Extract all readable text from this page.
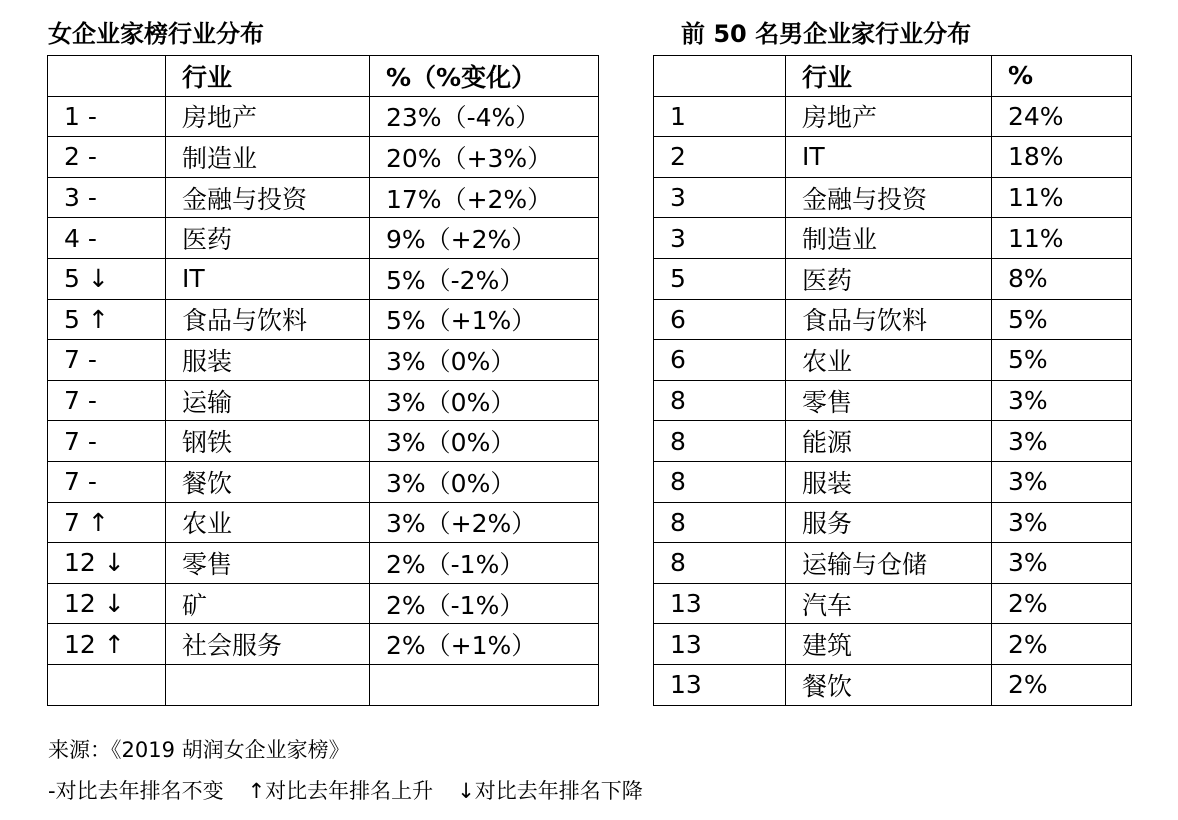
女企业家榜行业分布	前 50 名男企业家行业分布
	行业	%（%变化）
1 -	房地产	23%（-4%）
2 -	制造业	20%（+3%）
3 -	金融与投资	17%（+2%）
4 -	医药	9%（+2%）
5 ↓	IT	5%（-2%）
5 ↑	食品与饮料	5%（+1%）
7 -	服装	3%（0%）
7 -	运输	3%（0%）
7 -	钢铁	3%（0%）
7 -	餐饮	3%（0%）
7 ↑	农业	3%（+2%）
12 ↓	零售	2%（-1%）
12 ↓	矿	2%（-1%）
12 ↑	社会服务	2%（+1%）

	行业	%
1	房地产	24%
2	IT	18%
3	金融与投资	11%
3	制造业	11%
5	医药	8%
6	食品与饮料	5%
6	农业	5%
8	零售	3%
8	能源	3%
8	服装	3%
8	服务	3%
8	运输与仓储	3%
13	汽车	2%
13	建筑	2%
13	餐饮	2%
来源：《2019 胡润女企业家榜》
-对比去年排名不变 ↑对比去年排名上升 ↓对比去年排名下降
